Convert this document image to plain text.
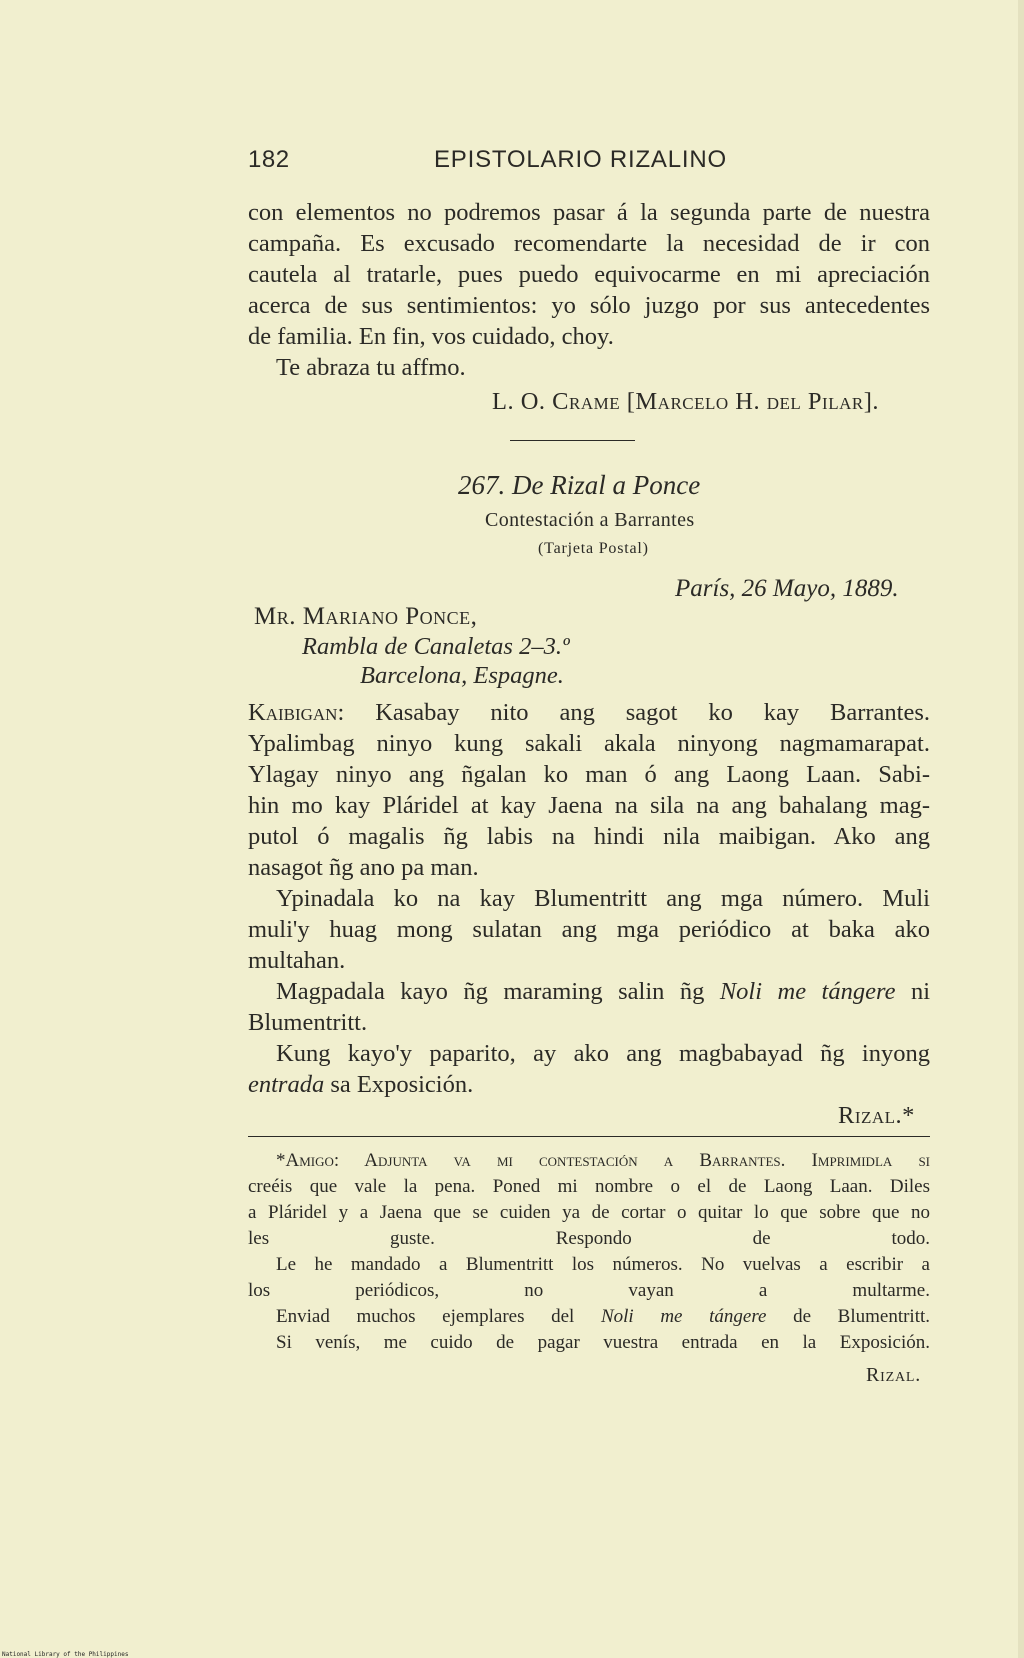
182	EPISTOLARIO RIZALINO
con elementos no podremos pasar á la segunda parte de nuestra
campaña. Es excusado recomendarte la necesidad de ir con
cautela al tratarle, pues puedo equivocarme en mi apreciación
acerca de sus sentimientos: yo sólo juzgo por sus antecedentes
de familia. En fin, vos cuidado, choy.
Te abraza tu affmo.
L. O. Crame [Marcelo H. del Pilar].
267. De Rizal a Ponce
Contestación a Barrantes
(Tarjeta Postal)
París, 26 Mayo, 1889.
Mr. Mariano Ponce,
Rambla de Canaletas 2–3.º
Barcelona, Espagne.
Kaibigan: Kasabay nito ang sagot ko kay Barrantes.
Ypalimbag ninyo kung sakali akala ninyong nagmamarapat.
Ylagay ninyo ang ñgalan ko man ó ang Laong Laan. Sabi-
hin mo kay Pláridel at kay Jaena na sila na ang bahalang mag-
putol ó magalis ñg labis na hindi nila maibigan. Ako ang
nasagot ñg ano pa man.
Ypinadala ko na kay Blumentritt ang mga número. Muli
muli'y huag mong sulatan ang mga periódico at baka ako
multahan.
Magpadala kayo ñg maraming salin ñg Noli me tángere ni
Blumentritt.
Kung kayo'y paparito, ay ako ang magbabayad ñg inyong
entrada sa Exposición.
Rizal.*
*Amigo: Adjunta va mi contestación a Barrantes. Imprimidla si
creéis que vale la pena. Poned mi nombre o el de Laong Laan. Diles
a Pláridel y a Jaena que se cuiden ya de cortar o quitar lo que sobre que no
les guste. Respondo de todo.
Le he mandado a Blumentritt los números. No vuelvas a escribir a
los periódicos, no vayan a multarme.
Enviad muchos ejemplares del Noli me tángere de Blumentritt.
Si venís, me cuido de pagar vuestra entrada en la Exposición.
Rizal.
National Library of the Philippines
